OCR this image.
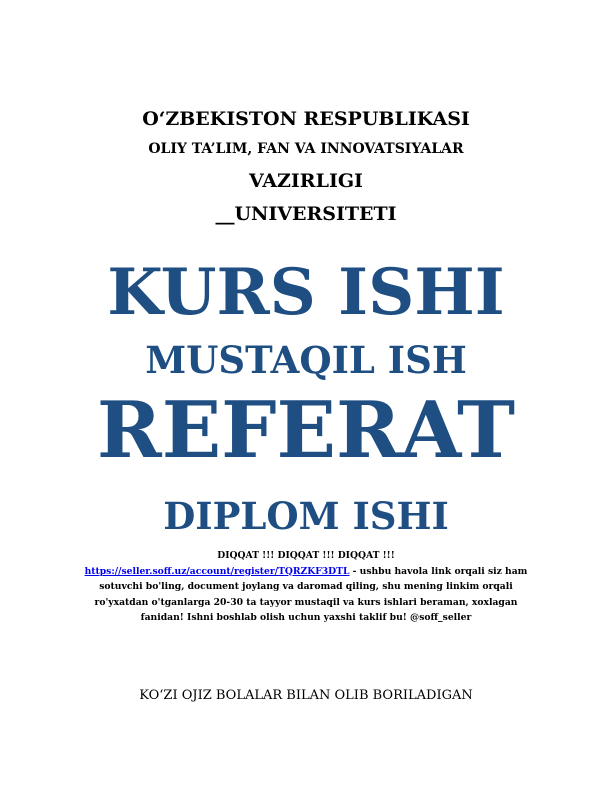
O‘ZBEKISTON RESPUBLIKASI
OLIY TA’LIM, FAN VA INNOVATSIYALAR
VAZIRLIGI
__UNIVERSITETI
KURS ISHI
MUSTAQIL ISH
REFERAT
DIPLOM ISHI
DIQQAT !!! DIQQAT !!! DIQQAT !!!
https://seller.soff.uz/account/register/TQRZKF3DTL - ushbu havola link orqali siz ham sotuvchi bo'ling, document joylang va daromad qiling, shu mening linkim orqali ro'yxatdan o'tganlarga 20-30 ta tayyor mustaqil va kurs ishlari beraman, xoxlagan fanidan! Ishni boshlab olish uchun yaxshi taklif bu! @soff_seller
KO‘ZI OJIZ BOLALAR BILAN OLIB BORILADIGAN
